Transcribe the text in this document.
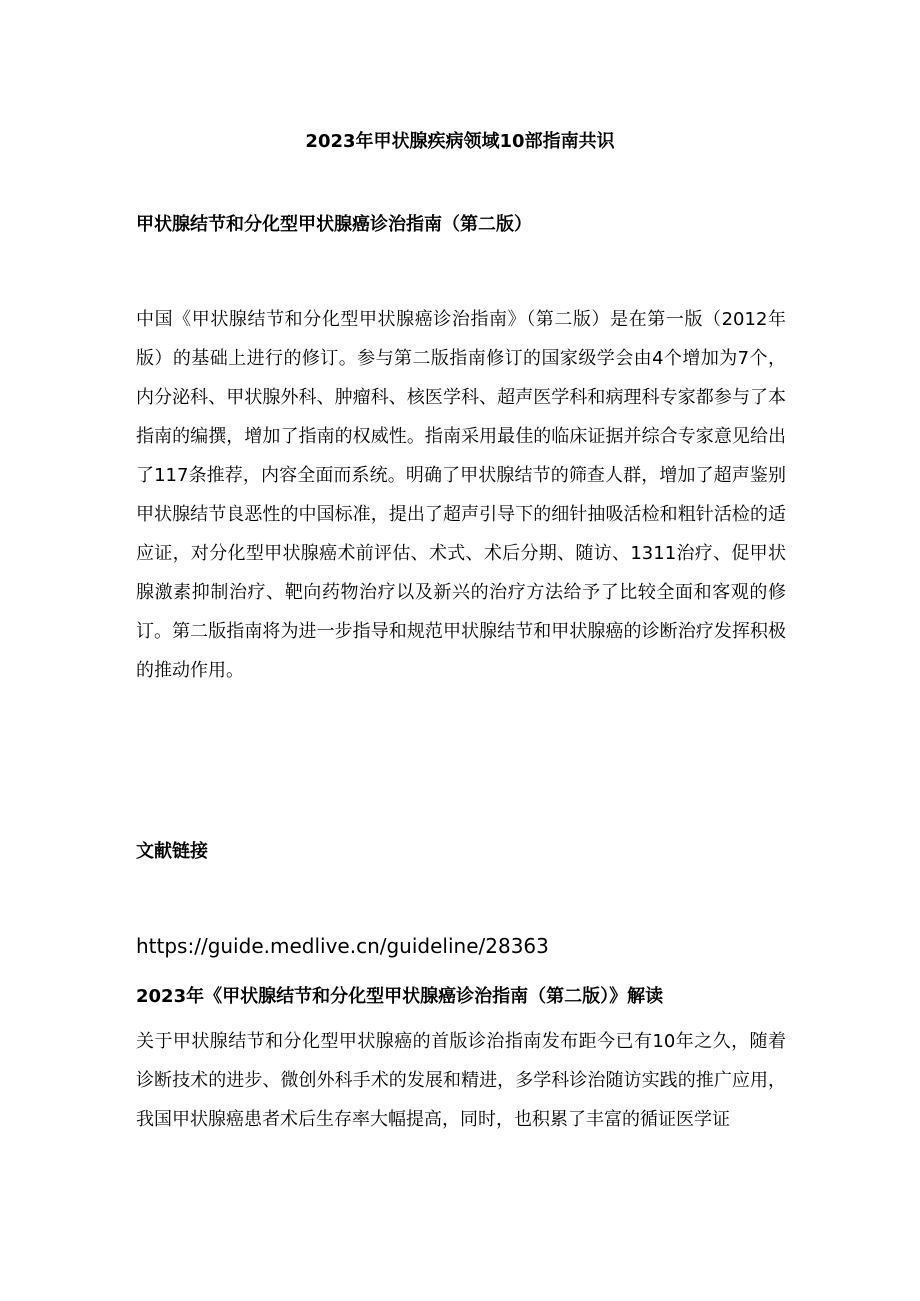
2023年甲状腺疾病领域10部指南共识
甲状腺结节和分化型甲状腺癌诊治指南（第二版）
中国《甲状腺结节和分化型甲状腺癌诊治指南》（第二版）是在第一版（2012年版）的基础上进行的修订。参与第二版指南修订的国家级学会由4个增加为7个，内分泌科、甲状腺外科、肿瘤科、核医学科、超声医学科和病理科专家都参与了本指南的编撰，增加了指南的权威性。指南采用最佳的临床证据并综合专家意见给出了117条推荐，内容全面而系统。明确了甲状腺结节的筛查人群，增加了超声鉴别甲状腺结节良恶性的中国标准，提出了超声引导下的细针抽吸活检和粗针活检的适应证，对分化型甲状腺癌术前评估、术式、术后分期、随访、1311治疗、促甲状腺激素抑制治疗、靶向药物治疗以及新兴的治疗方法给予了比较全面和客观的修订。第二版指南将为进一步指导和规范甲状腺结节和甲状腺癌的诊断治疗发挥积极的推动作用。
文献链接
https://guide.medlive.cn/guideline/28363
2023年《甲状腺结节和分化型甲状腺癌诊治指南（第二版）》解读
关于甲状腺结节和分化型甲状腺癌的首版诊治指南发布距今已有10年之久，随着诊断技术的进步、微创外科手术的发展和精进，多学科诊治随访实践的推广应用，我国甲状腺癌患者术后生存率大幅提高，同时，也积累了丰富的循证医学证
